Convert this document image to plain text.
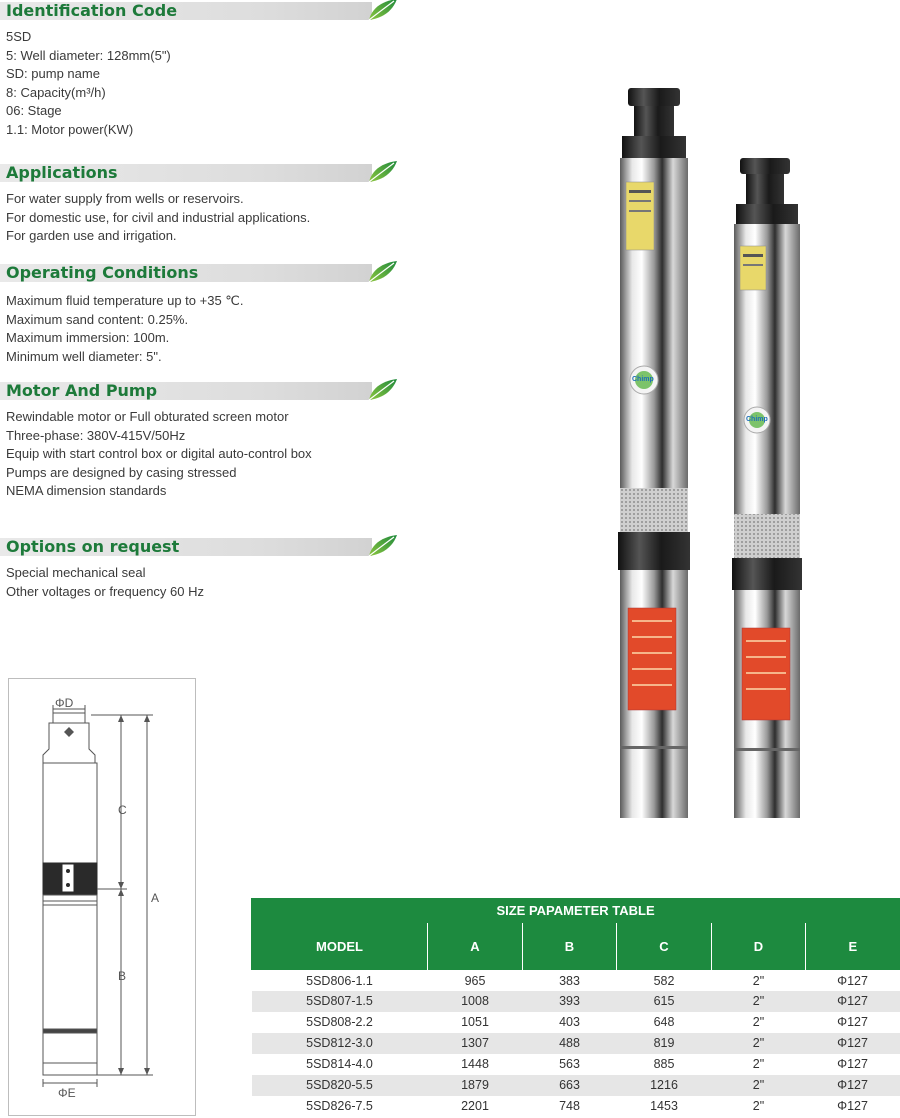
Identification Code
5SD
5: Well diameter: 128mm(5")
SD: pump name
8: Capacity(m³/h)
06: Stage
1.1: Motor power(KW)
Applications
For water supply from wells or reservoirs.
For domestic use, for civil and industrial applications.
For garden use and irrigation.
Operating Conditions
Maximum fluid temperature up to +35 ℃.
Maximum sand content: 0.25%.
Maximum immersion: 100m.
Minimum well diameter: 5".
Motor And Pump
Rewindable motor or Full obturated screen motor
Three-phase: 380V-415V/50Hz
Equip with start control box or digital auto-control box
Pumps are designed by casing stressed
NEMA dimension standards
Options on request
Special mechanical seal
Other voltages or frequency 60 Hz
ΦD
C
A
B
ΦE
Chimp
Chimp
SIZE PAPAMETER TABLE					
MODEL	A	B	C	D	E
5SD806-1.1	965	383	582	2"	Φ127
5SD807-1.5	1008	393	615	2"	Φ127
5SD808-2.2	1051	403	648	2"	Φ127
5SD812-3.0	1307	488	819	2"	Φ127
5SD814-4.0	1448	563	885	2"	Φ127
5SD820-5.5	1879	663	1216	2"	Φ127
5SD826-7.5	2201	748	1453	2"	Φ127
